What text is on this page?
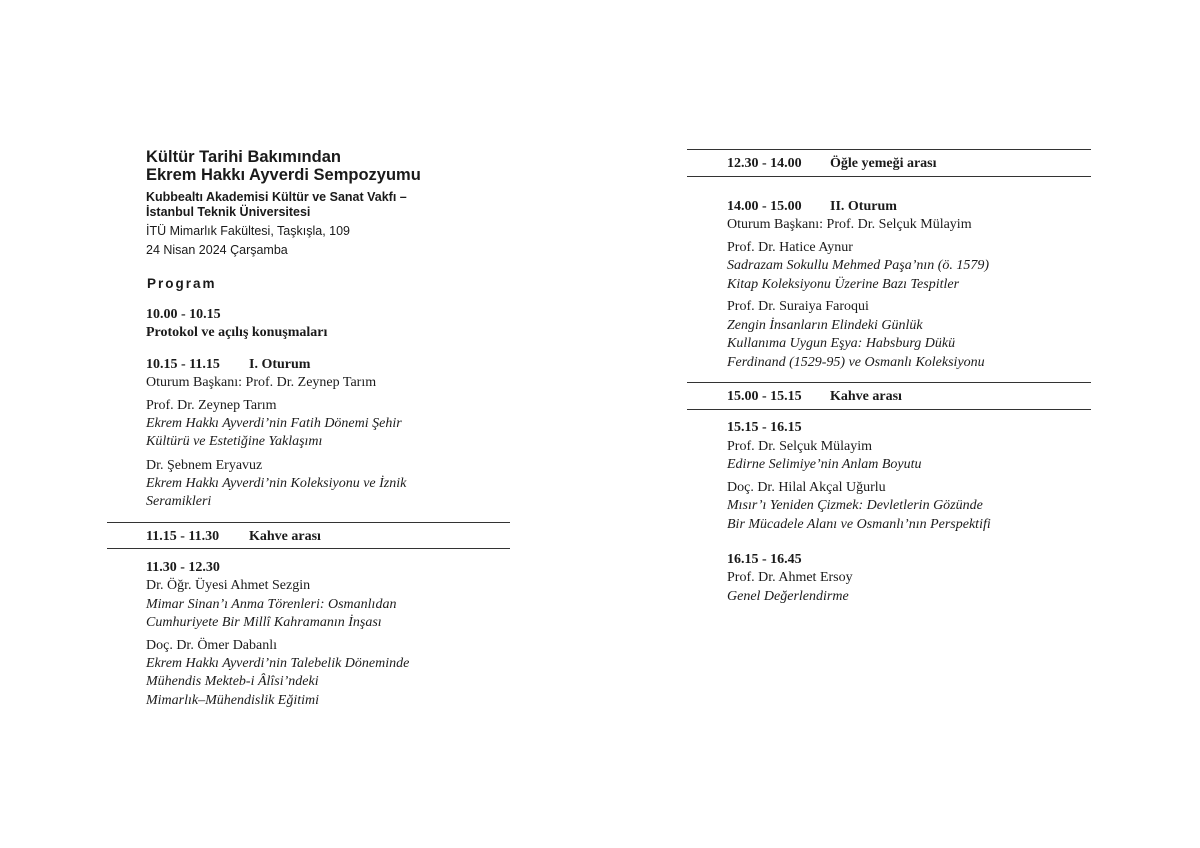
Kültür Tarihi Bakımından
Ekrem Hakkı Ayverdi Sempozyumu
Kubbealtı Akademisi Kültür ve Sanat Vakfı –
İstanbul Teknik Üniversitesi
İTÜ Mimarlık Fakültesi, Taşkışla, 109
24 Nisan 2024 Çarşamba
Program
10.00 - 10.15
Protokol ve açılış konuşmaları
10.15 - 11.15 I. Oturum
Oturum Başkanı: Prof. Dr. Zeynep Tarım
Prof. Dr. Zeynep Tarım
Ekrem Hakkı Ayverdi’nin Fatih Dönemi Şehir
Kültürü ve Estetiğine Yaklaşımı
Dr. Şebnem Eryavuz
Ekrem Hakkı Ayverdi’nin Koleksiyonu ve İznik
Seramikleri
11.15 - 11.30 Kahve arası
11.30 - 12.30
Dr. Öğr. Üyesi Ahmet Sezgin
Mimar Sinan’ı Anma Törenleri: Osmanlıdan
Cumhuriyete Bir Millî Kahramanın İnşası
Doç. Dr. Ömer Dabanlı
Ekrem Hakkı Ayverdi’nin Talebelik Döneminde
Mühendis Mekteb-i Âlîsi’ndeki
Mimarlık–Mühendislik Eğitimi
12.30 - 14.00 Öğle yemeği arası
14.00 - 15.00 II. Oturum
Oturum Başkanı: Prof. Dr. Selçuk Mülayim
Prof. Dr. Hatice Aynur
Sadrazam Sokullu Mehmed Paşa’nın (ö. 1579)
Kitap Koleksiyonu Üzerine Bazı Tespitler
Prof. Dr. Suraiya Faroqui
Zengin İnsanların Elindeki Günlük
Kullanıma Uygun Eşya: Habsburg Dükü
Ferdinand (1529-95) ve Osmanlı Koleksiyonu
15.00 - 15.15 Kahve arası
15.15 - 16.15
Prof. Dr. Selçuk Mülayim
Edirne Selimiye’nin Anlam Boyutu
Doç. Dr. Hilal Akçal Uğurlu
Mısır’ı Yeniden Çizmek: Devletlerin Gözünde
Bir Mücadele Alanı ve Osmanlı’nın Perspektifi
16.15 - 16.45
Prof. Dr. Ahmet Ersoy
Genel Değerlendirme
